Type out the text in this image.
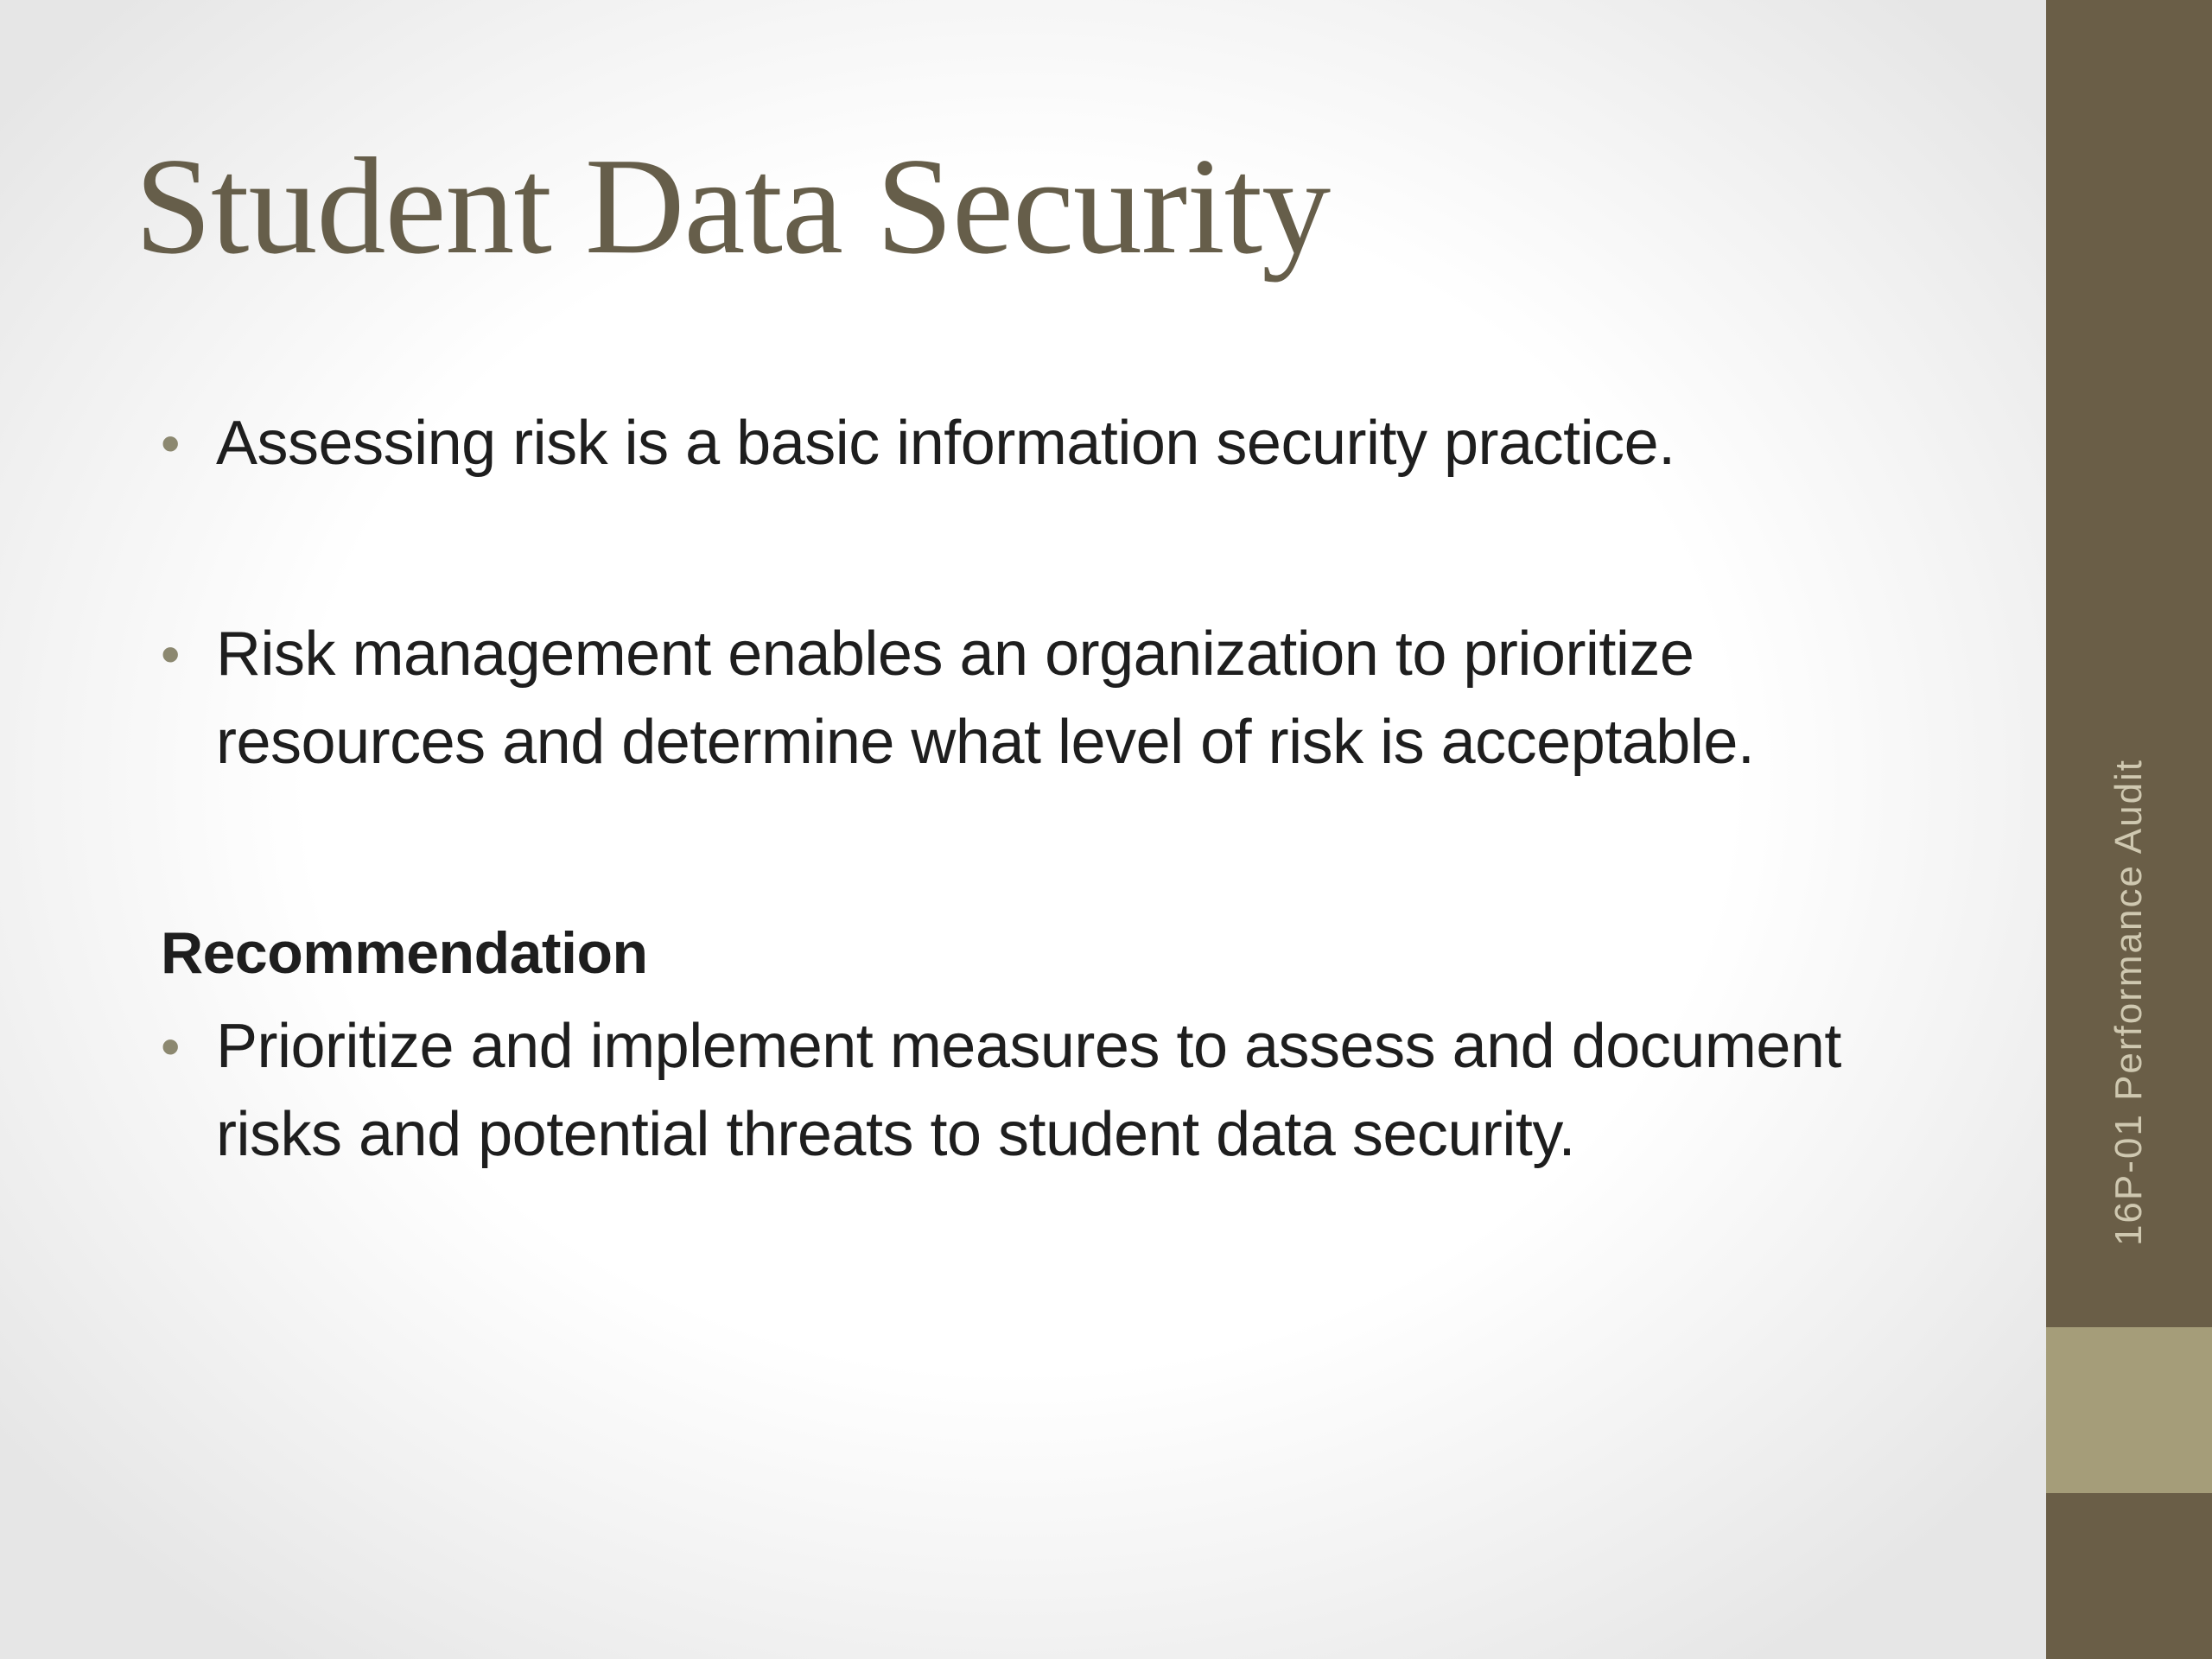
Student Data Security
• Assessing risk is a basic information security practice.
• Risk management enables an organization to prioritize resources and determine what level of risk is acceptable.
Recommendation
• Prioritize and implement measures to assess and document risks and potential threats to student data security.	16P-01 Performance Audit
